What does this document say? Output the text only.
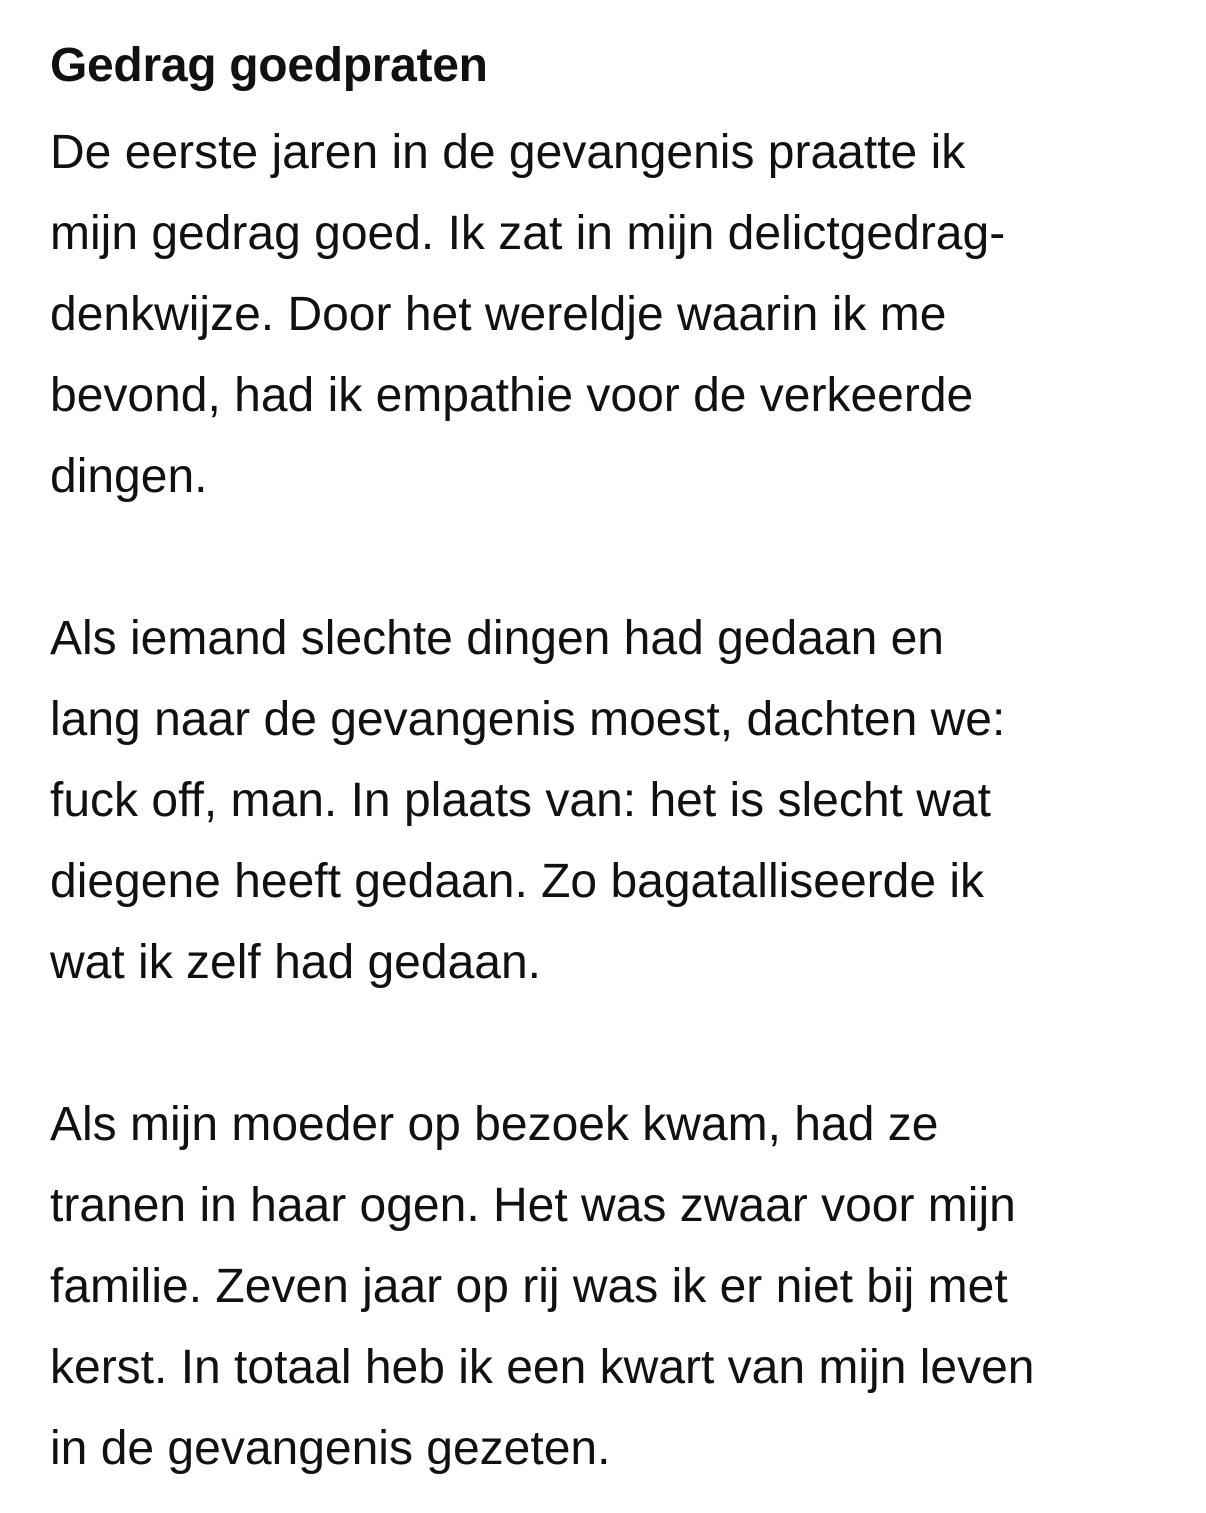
Gedrag goedpraten

De eerste jaren in de gevangenis praatte ik
mijn gedrag goed. Ik zat in mijn delictgedrag-
denkwijze. Door het wereldje waarin ik me
bevond, had ik empathie voor de verkeerde
dingen.

Als iemand slechte dingen had gedaan en
lang naar de gevangenis moest, dachten we:
fuck off, man. In plaats van: het is slecht wat
diegene heeft gedaan. Zo bagatalliseerde ik
wat ik zelf had gedaan.

Als mijn moeder op bezoek kwam, had ze
tranen in haar ogen. Het was zwaar voor mijn
familie. Zeven jaar op rij was ik er niet bij met
kerst. In totaal heb ik een kwart van mijn leven
in de gevangenis gezeten.
